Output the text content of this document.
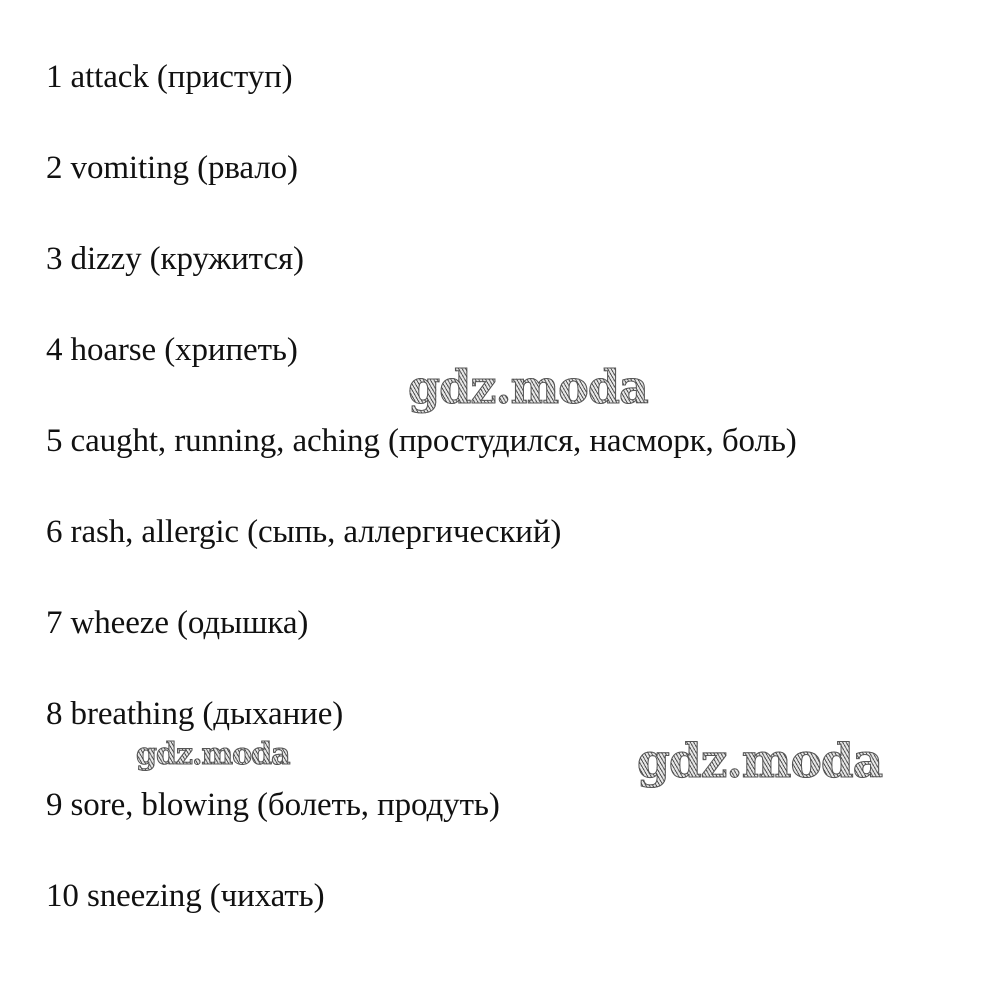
1 attack (приступ)
2 vomiting (рвало)
3 dizzy (кружится)
4 hoarse (хрипеть)
5 caught, running, aching (простудился, насморк, боль)
6 rash, allergic (сыпь, аллергический)
7 wheeze (одышка)
8 breathing (дыхание)
9 sore, blowing (болеть, продуть)
10 sneezing (чихать)
gdz.moda
gdz.moda	gdz.moda
